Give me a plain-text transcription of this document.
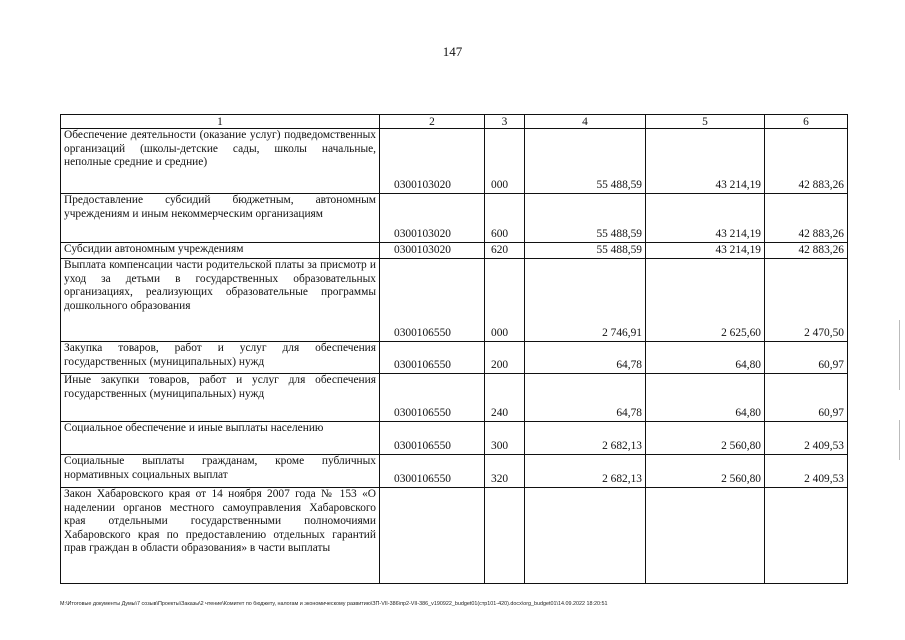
147
1	2	3	4	5	6
Обеспечение деятельности (оказание услуг) подведомственных организаций (школы-детские сады, школы начальные, неполные средние и средние)	0300103020	000	55 488,59	43 214,19	42 883,26
Предоставление субсидий бюджетным, автономным учреждениям и иным некоммерческим организациям	0300103020	600	55 488,59	43 214,19	42 883,26
Субсидии автономным учреждениям	0300103020	620	55 488,59	43 214,19	42 883,26
Выплата компенсации части родительской платы за присмотр и уход за детьми в государственных образовательных организациях, реализующих образовательные программы дошкольного образования	0300106550	000	2 746,91	2 625,60	2 470,50
Закупка товаров, работ и услуг для обеспечения государственных (муниципальных) нужд	0300106550	200	64,78	64,80	60,97
Иные закупки товаров, работ и услуг для обеспечения государственных (муниципальных) нужд	0300106550	240	64,78	64,80	60,97
Социальное обеспечение и иные выплаты населению	0300106550	300	2 682,13	2 560,80	2 409,53
Социальные выплаты гражданам, кроме публичных нормативных социальных выплат	0300106550	320	2 682,13	2 560,80	2 409,53
Закон Хабаровского края от 14 ноября 2007 года № 153 «О наделении органов местного самоуправления Хабаровского края отдельными государственными полномочиями Хабаровского края по предоставлению отдельных гарантий прав граждан в области образования» в части выплаты					
М:\Итоговые документы Думы\7 созыв\Проекты\Заказы\2 чтение\Комитет по бюджету, налогам и экономическому развитию\ЗП-VII-386\пр2-VII-386_v190922_budget01(стр101-420).docx\org_budget01\14.09.2022 18:20:51
